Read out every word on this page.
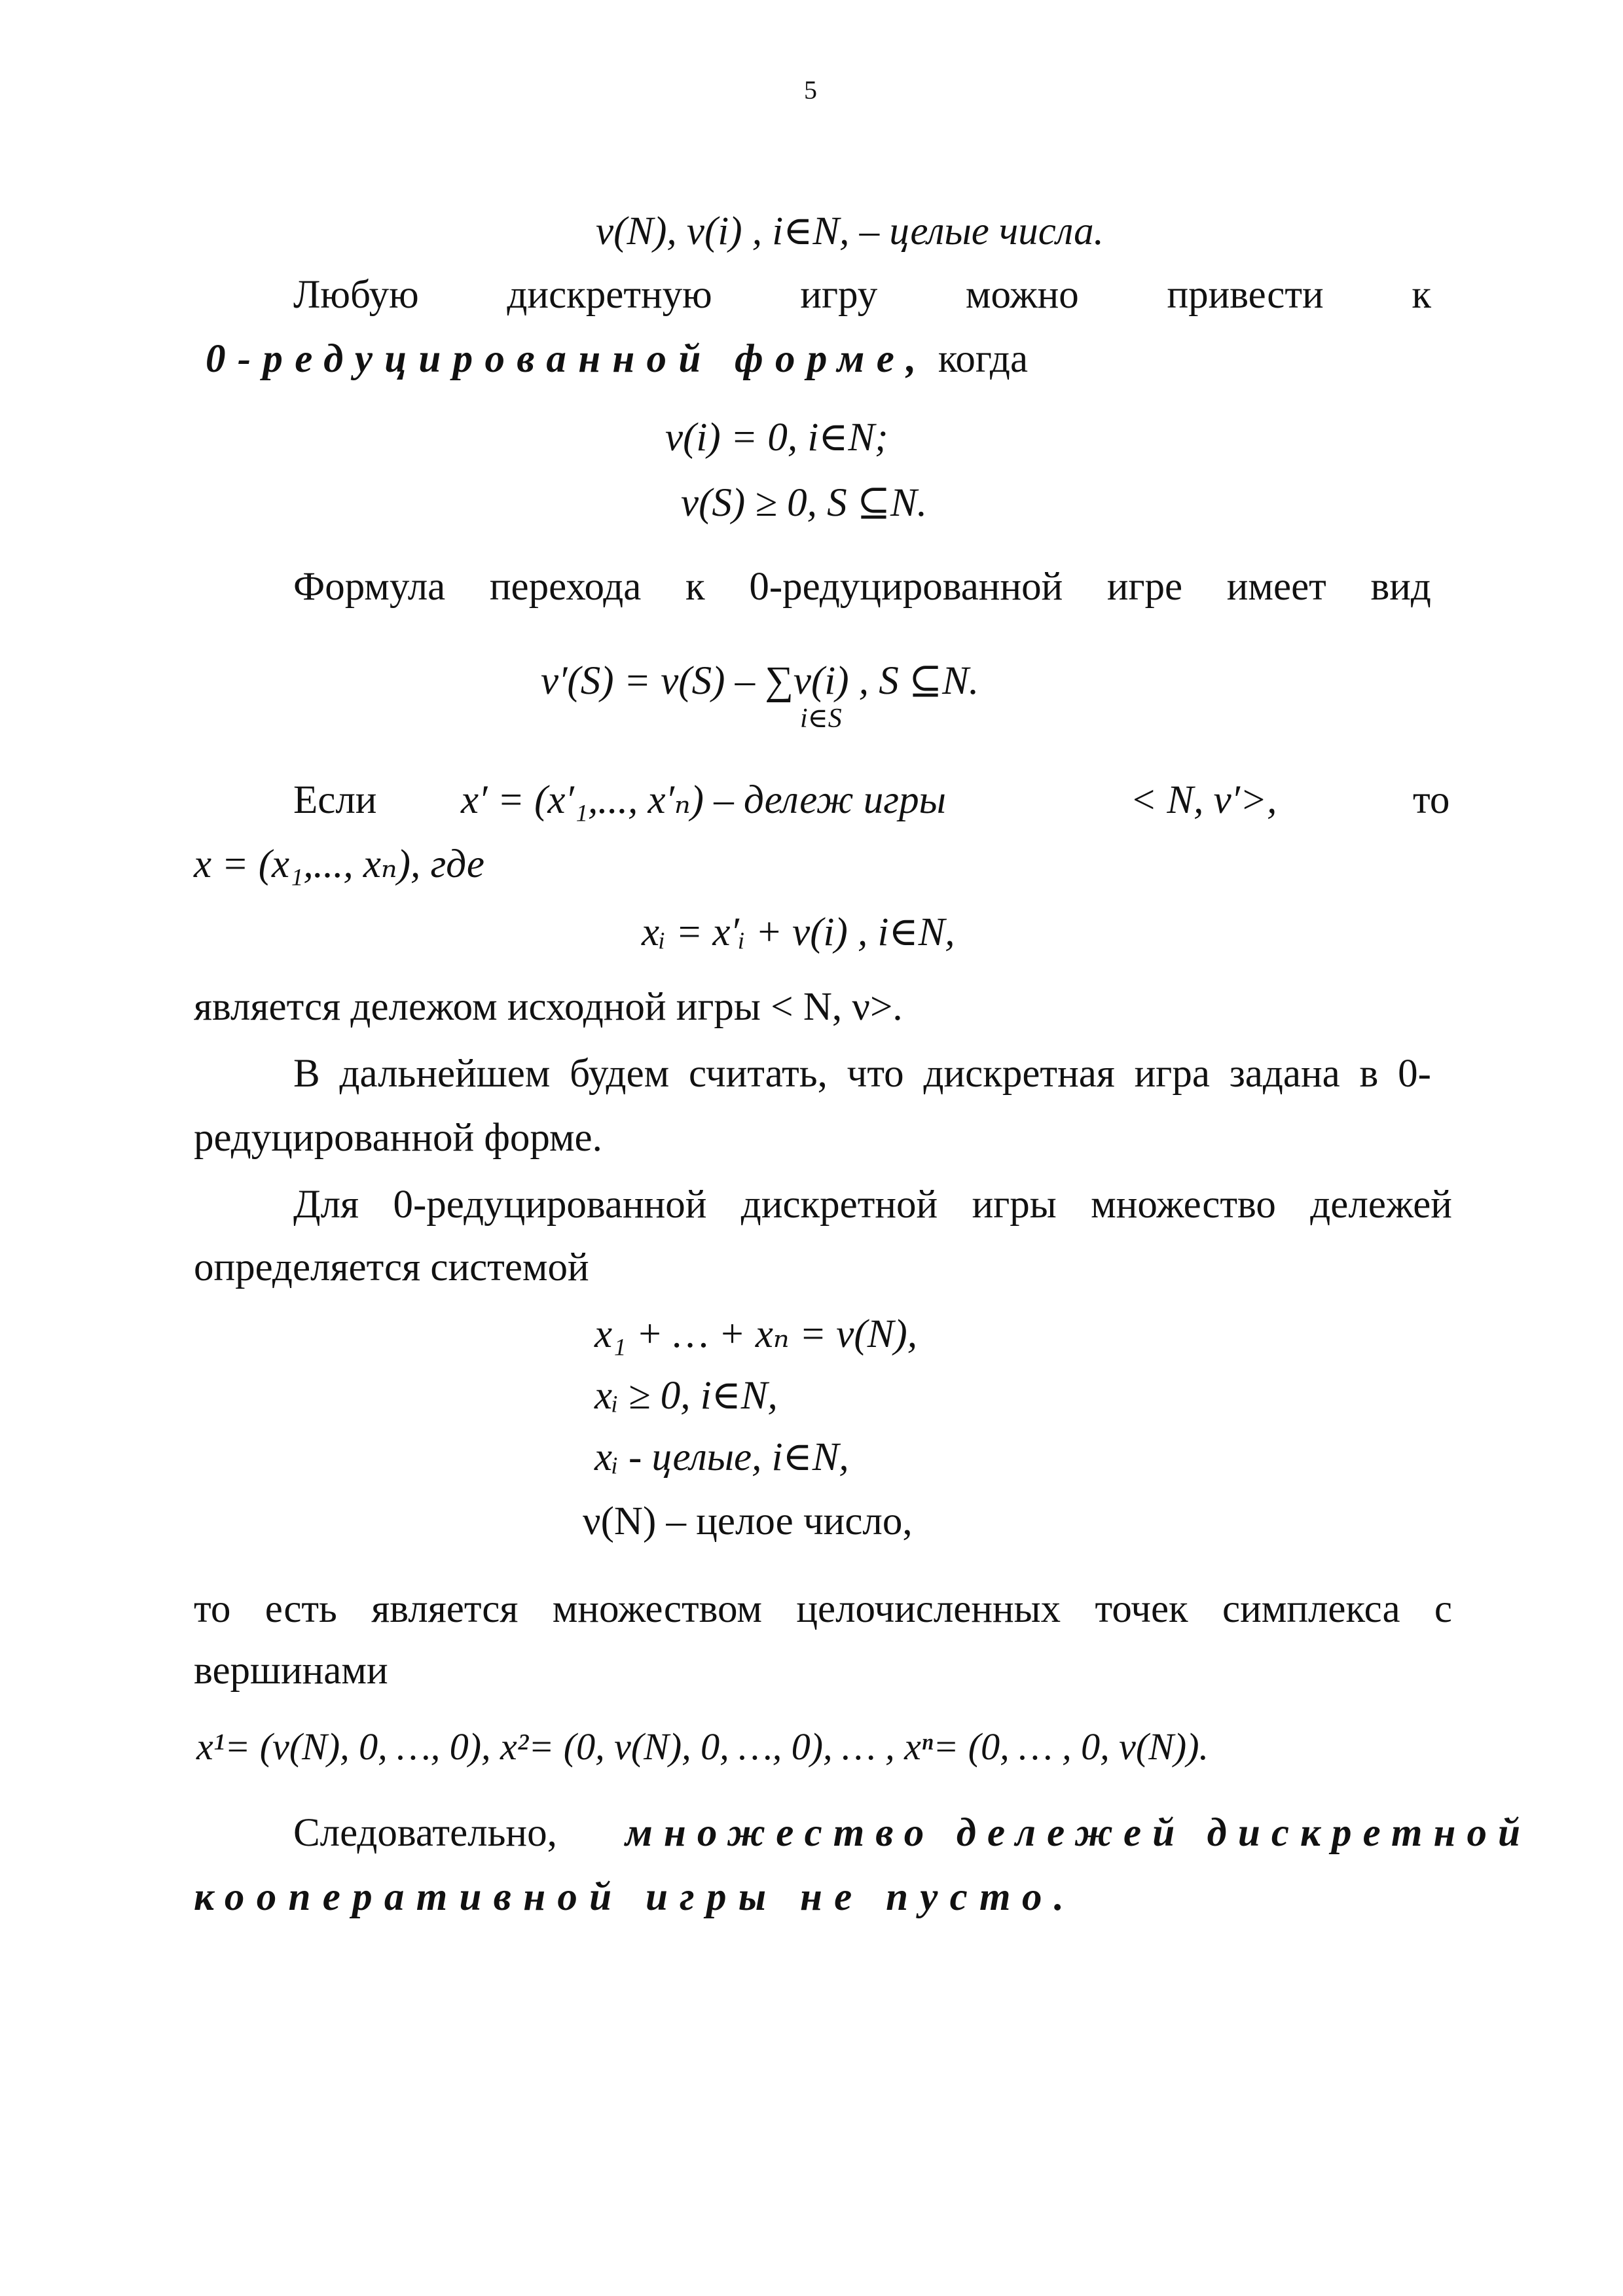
5
ν(N), ν(i) , i∈N, – целые числа.
Любую дискретную игру можно привести к
0-редуцированной форме, когда
ν(i) = 0, i∈N;
ν(S) ≥ 0, S ⊆N.
Формула перехода к 0-редуцированной игре имеет вид
ν′(S) = ν(S) – ∑ν(i) , S ⊆N.
i∈S
Если x′ = (x′₁,..., x′ₙ) – дележ игры	< N, ν′>,	то
x = (x₁,..., xₙ), где
xᵢ = x′ᵢ + ν(i) , i∈N,
является дележом исходной игры < N, ν>.
В дальнейшем будем считать, что дискретная игра задана в 0-
редуцированной форме.
Для 0-редуцированной дискретной игры множество дележей
определяется системой
x₁ + … + xₙ = ν(N),
xᵢ ≥ 0, i∈N,
xᵢ - целые, i∈N,
ν(N) – целое число,
то есть является множеством целочисленных точек симплекса с
вершинами
x¹= (ν(N), 0, …, 0), x²= (0, ν(N), 0, …, 0), … , xⁿ= (0, … , 0, ν(N)).
Следовательно, множество дележей дискретной
кооперативной игры не пусто.
